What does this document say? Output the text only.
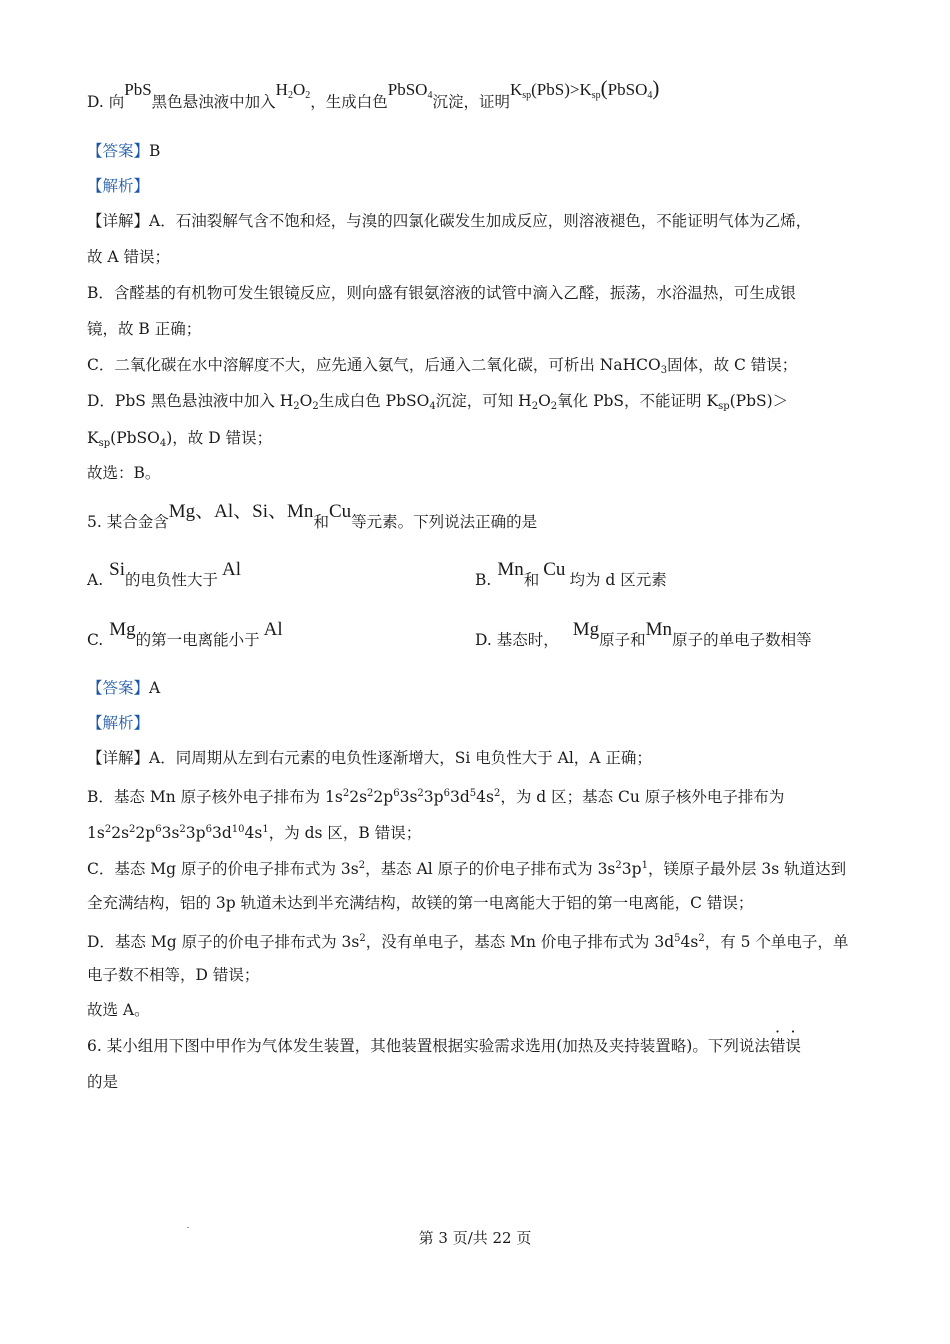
D. 向PbS黑色悬浊液中加入$H_2O_2$，生成白色PbSO$_4$沉淀，证明$K_{sp}(PbS)>K_{sp}(PbSO_4)$
【答案】B
【解析】
【详解】A．石油裂解气含不饱和烃，与溴的四氯化碳发生加成反应，则溶液褪色，不能证明气体为乙烯，
故 A 错误；
B．含醛基的有机物可发生银镜反应，则向盛有银氨溶液的试管中滴入乙醛，振荡，水浴温热，可生成银
镜，故 B 正确；
C．二氧化碳在水中溶解度不大，应先通入氨气，后通入二氧化碳，可析出 NaHCO$_3$固体，故 C 错误；
D．PbS 黑色悬浊液中加入 $H_2O_2$生成白色 PbSO$_4$沉淀，可知 $H_2O_2$氧化 PbS，不能证明 $K_{sp}(PbS)>$
$K_{sp}(PbSO_4)$，故 D 错误；
故选：B。
5. 某合金含Mg、Al、Si、Mn和Cu等元素。下列说法正确的是
A. Si的电负性大于 Al	B. Mn和 Cu 均为 d 区元素
C. Mg的第一电离能小于 Al	D. 基态时， Mg原子和Mn原子的单电子数相等
【答案】A
【解析】
【详解】A．同周期从左到右元素的电负性逐渐增大，Si 电负性大于 Al，A 正确；
B．基态 Mn 原子核外电子排布为 $1s^22s^22p^63s^23p^63d^54s^2$，为 d 区；基态 Cu 原子核外电子排布为
$1s^22s^22p^63s^23p^63d^{10}4s^1$，为 ds 区，B 错误；
C．基态 Mg 原子的价电子排布式为 $3s^2$，基态 Al 原子的价电子排布式为 $3s^23p^1$，镁原子最外层 3s 轨道达到
全充满结构，铝的 3p 轨道未达到半充满结构，故镁的第一电离能大于铝的第一电离能，C 错误；
D．基态 Mg 原子的价电子排布式为 $3s^2$，没有单电子，基态 Mn 价电子排布式为 $3d^54s^2$，有 5 个单电子，单
电子数不相等，D 错误；
故选 A。
6. 某小组用下图中甲作为气体发生装置，其他装置根据实验需求选用(加热及夹持装置略)。下列说法错误
的是
第 3 页/共 22 页
